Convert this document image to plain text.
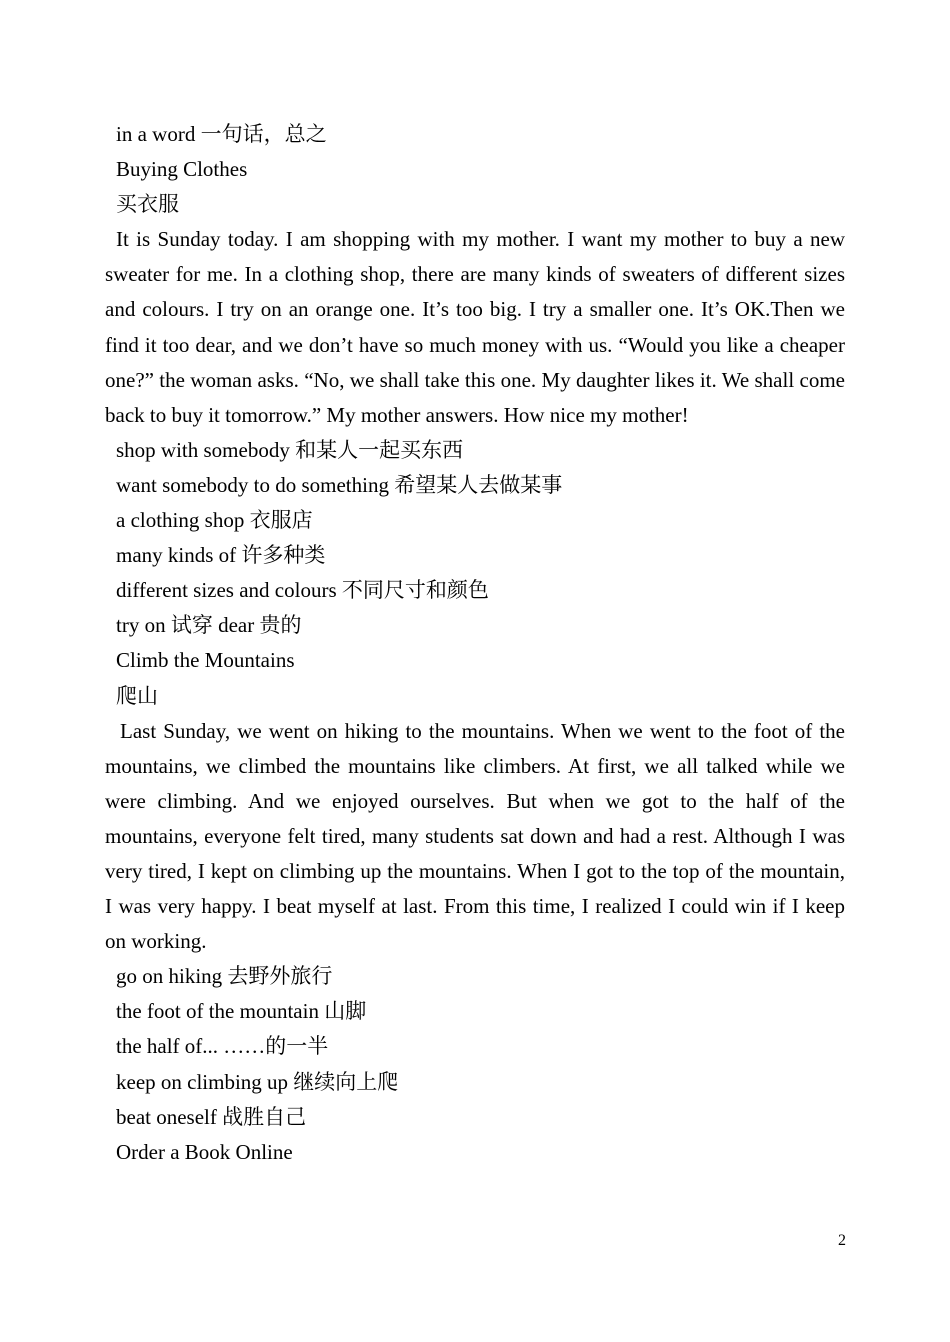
in a word 一句话，总之
Buying Clothes
买衣服

It is Sunday today. I am shopping with my mother. I want my mother to buy a new sweater for me. In a clothing shop, there are many kinds of sweaters of different sizes and colours. I try on an orange one. It’s too big. I try a smaller one. It’s OK.Then we find it too dear, and we don’t have so much money with us. “Would you like a cheaper one?” the woman asks. “No, we shall take this one. My daughter likes it. We shall come back to buy it tomorrow.” My mother answers. How nice my mother!

shop with somebody 和某人一起买东西
want somebody to do something 希望某人去做某事
a clothing shop 衣服店
many kinds of 许多种类
different sizes and colours 不同尺寸和颜色
try on 试穿 dear 贵的
Climb the Mountains
爬山

Last Sunday, we went on hiking to the mountains. When we went to the foot of the mountains, we climbed the mountains like climbers. At first, we all talked while we were climbing. And we enjoyed ourselves. But when we got to the half of the mountains, everyone felt tired, many students sat down and had a rest. Although I was very tired, I kept on climbing up the mountains. When I got to the top of the mountain, I was very happy. I beat myself at last. From this time, I realized I could win if I keep on working.

go on hiking 去野外旅行
the foot of the mountain 山脚
the half of... ……的一半
keep on climbing up 继续向上爬
beat oneself 战胜自己
Order a Book Online
2
